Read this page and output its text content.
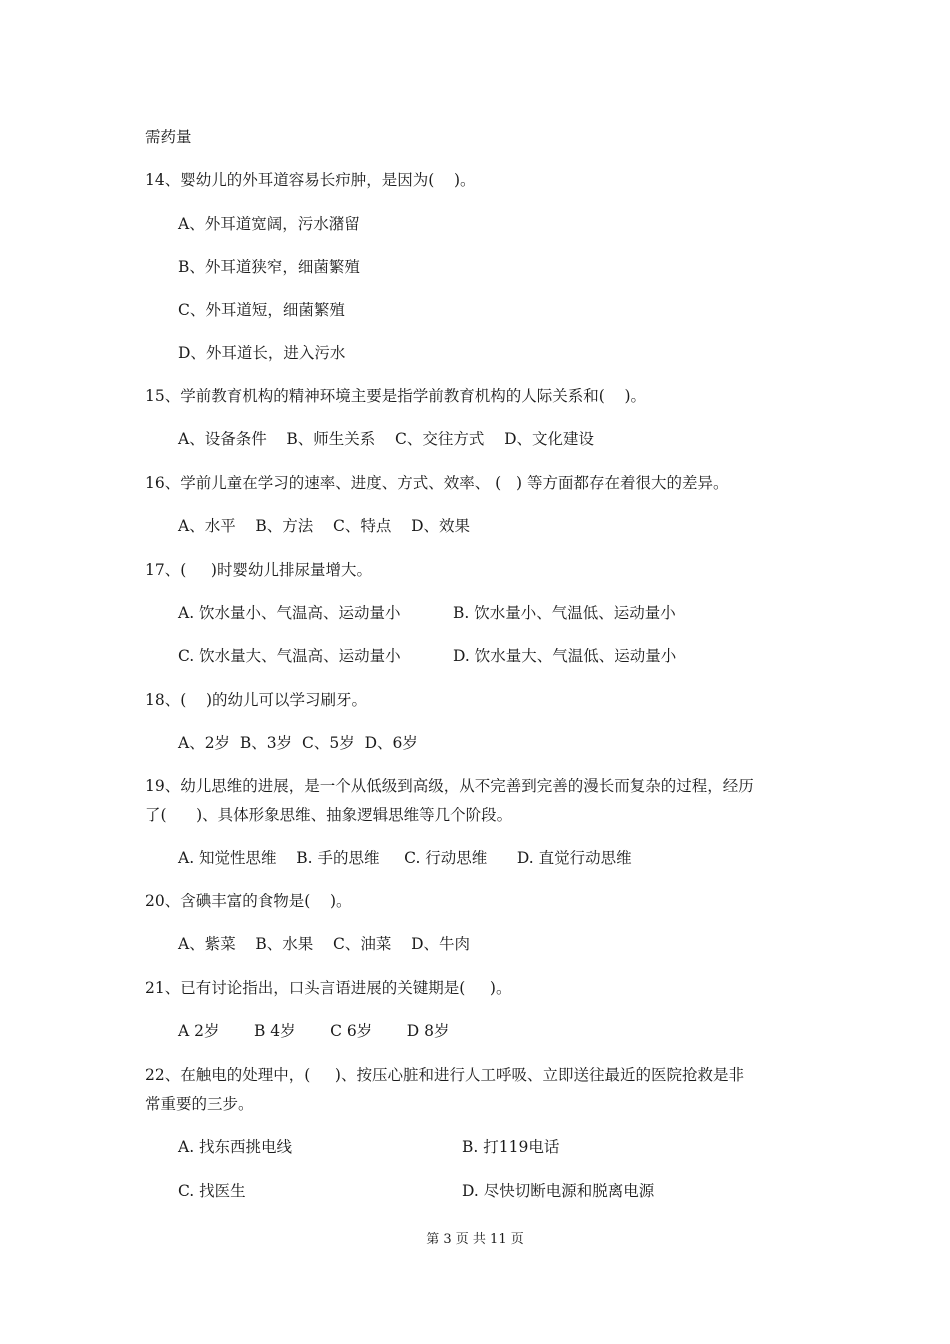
需药量
14、婴幼儿的外耳道容易长疖肿，是因为(    )。
A、外耳道宽阔，污水潴留
B、外耳道狭窄，细菌繁殖
C、外耳道短，细菌繁殖
D、外耳道长，进入污水
15、学前教育机构的精神环境主要是指学前教育机构的人际关系和(    )。
A、设备条件    B、师生关系    C、交往方式    D、文化建设
16、学前儿童在学习的速率、进度、方式、效率、 (   ) 等方面都存在着很大的差异。
A、水平    B、方法    C、特点    D、效果
17、(     )时婴幼儿排尿量增大。
A. 饮水量小、气温高、运动量小	B. 饮水量小、气温低、运动量小
C. 饮水量大、气温高、运动量小	D. 饮水量大、气温低、运动量小
18、(    )的幼儿可以学习刷牙。
A、2岁  B、3岁  C、5岁  D、6岁
19、幼儿思维的进展，是一个从低级到高级，从不完善到完善的漫长而复杂的过程，经历
了(      )、具体形象思维、抽象逻辑思维等几个阶段。
A. 知觉性思维    B. 手的思维     C. 行动思维      D. 直觉行动思维
20、含碘丰富的食物是(    )。
A、紫菜    B、水果    C、油菜    D、牛肉
21、已有讨论指出，口头言语进展的关键期是(     )。
A 2岁       B 4岁       C 6岁       D 8岁
22、在触电的处理中，(     )、按压心脏和进行人工呼吸、立即送往最近的医院抢救是非
常重要的三步。
A. 找东西挑电线	B. 打119电话
C. 找医生	D. 尽快切断电源和脱离电源
第 3 页 共 11 页
